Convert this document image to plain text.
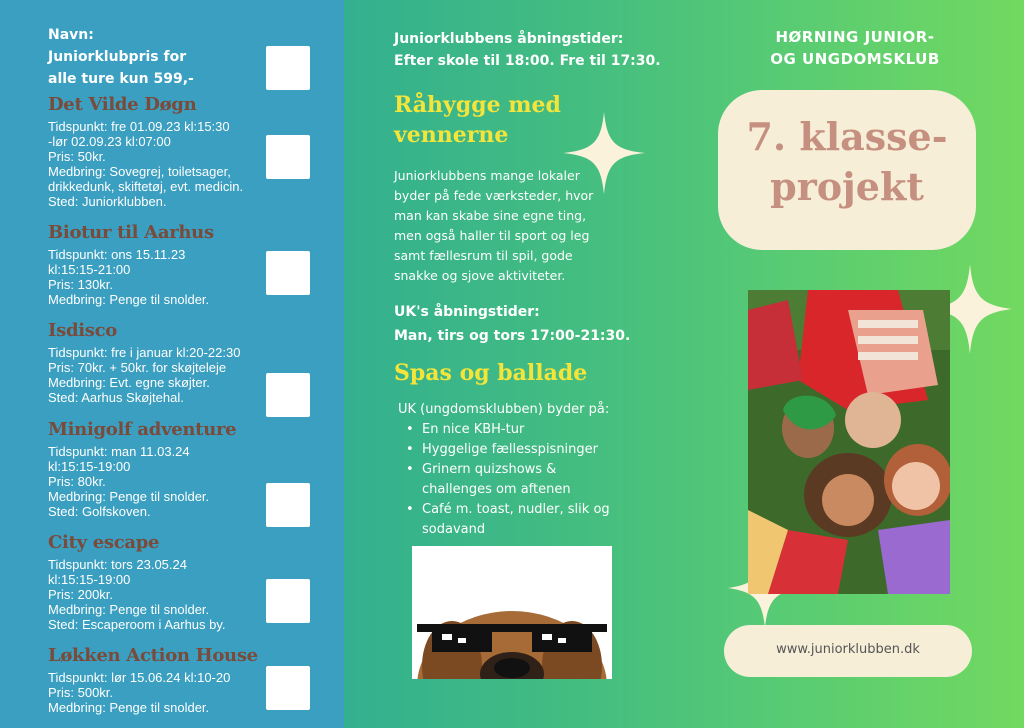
Navn:
Juniorklubpris for
alle ture kun 599,-
Det Vilde Døgn
Tidspunkt: fre 01.09.23 kl:15:30
-lør 02.09.23 kl:07:00
Pris: 50kr.
Medbring: Sovegrej, toiletsager,
drikkedunk, skiftetøj, evt. medicin.
Sted: Juniorklubben.
Biotur til Aarhus
Tidspunkt: ons 15.11.23
kl:15:15-21:00
Pris: 130kr.
Medbring: Penge til snolder.
Isdisco
Tidspunkt: fre i januar kl:20-22:30
Pris: 70kr. + 50kr. for skøjteleje
Medbring: Evt. egne skøjter.
Sted: Aarhus Skøjtehal.
Minigolf adventure
Tidspunkt: man 11.03.24
kl:15:15-19:00
Pris: 80kr.
Medbring: Penge til snolder.
Sted: Golfskoven.
City escape
Tidspunkt: tors 23.05.24
kl:15:15-19:00
Pris: 200kr.
Medbring: Penge til snolder.
Sted: Escaperoom i Aarhus by.
Løkken Action House
Tidspunkt: lør 15.06.24 kl:10-20
Pris: 500kr.
Medbring: Penge til snolder.
Juniorklubbens åbningstider:
Efter skole til 18:00. Fre til 17:30.
Råhygge med
vennerne
Juniorklubbens mange lokaler byder på fede værksteder, hvor man kan skabe sine egne ting, men også haller til sport og leg samt fællesrum til spil, gode snakke og sjove aktiviteter.
UK's åbningstider:
Man, tirs og tors 17:00-21:30.
Spas og ballade
UK (ungdomsklubben) byder på:
• En nice KBH-tur
• Hyggelige fællesspisninger
• Grinern quizshows & challenges om aftenen
• Café m. toast, nudler, slik og sodavand
HØRNING JUNIOR-
OG UNGDOMSKLUB
7. klasse-
projekt
www.juniorklubben.dk
